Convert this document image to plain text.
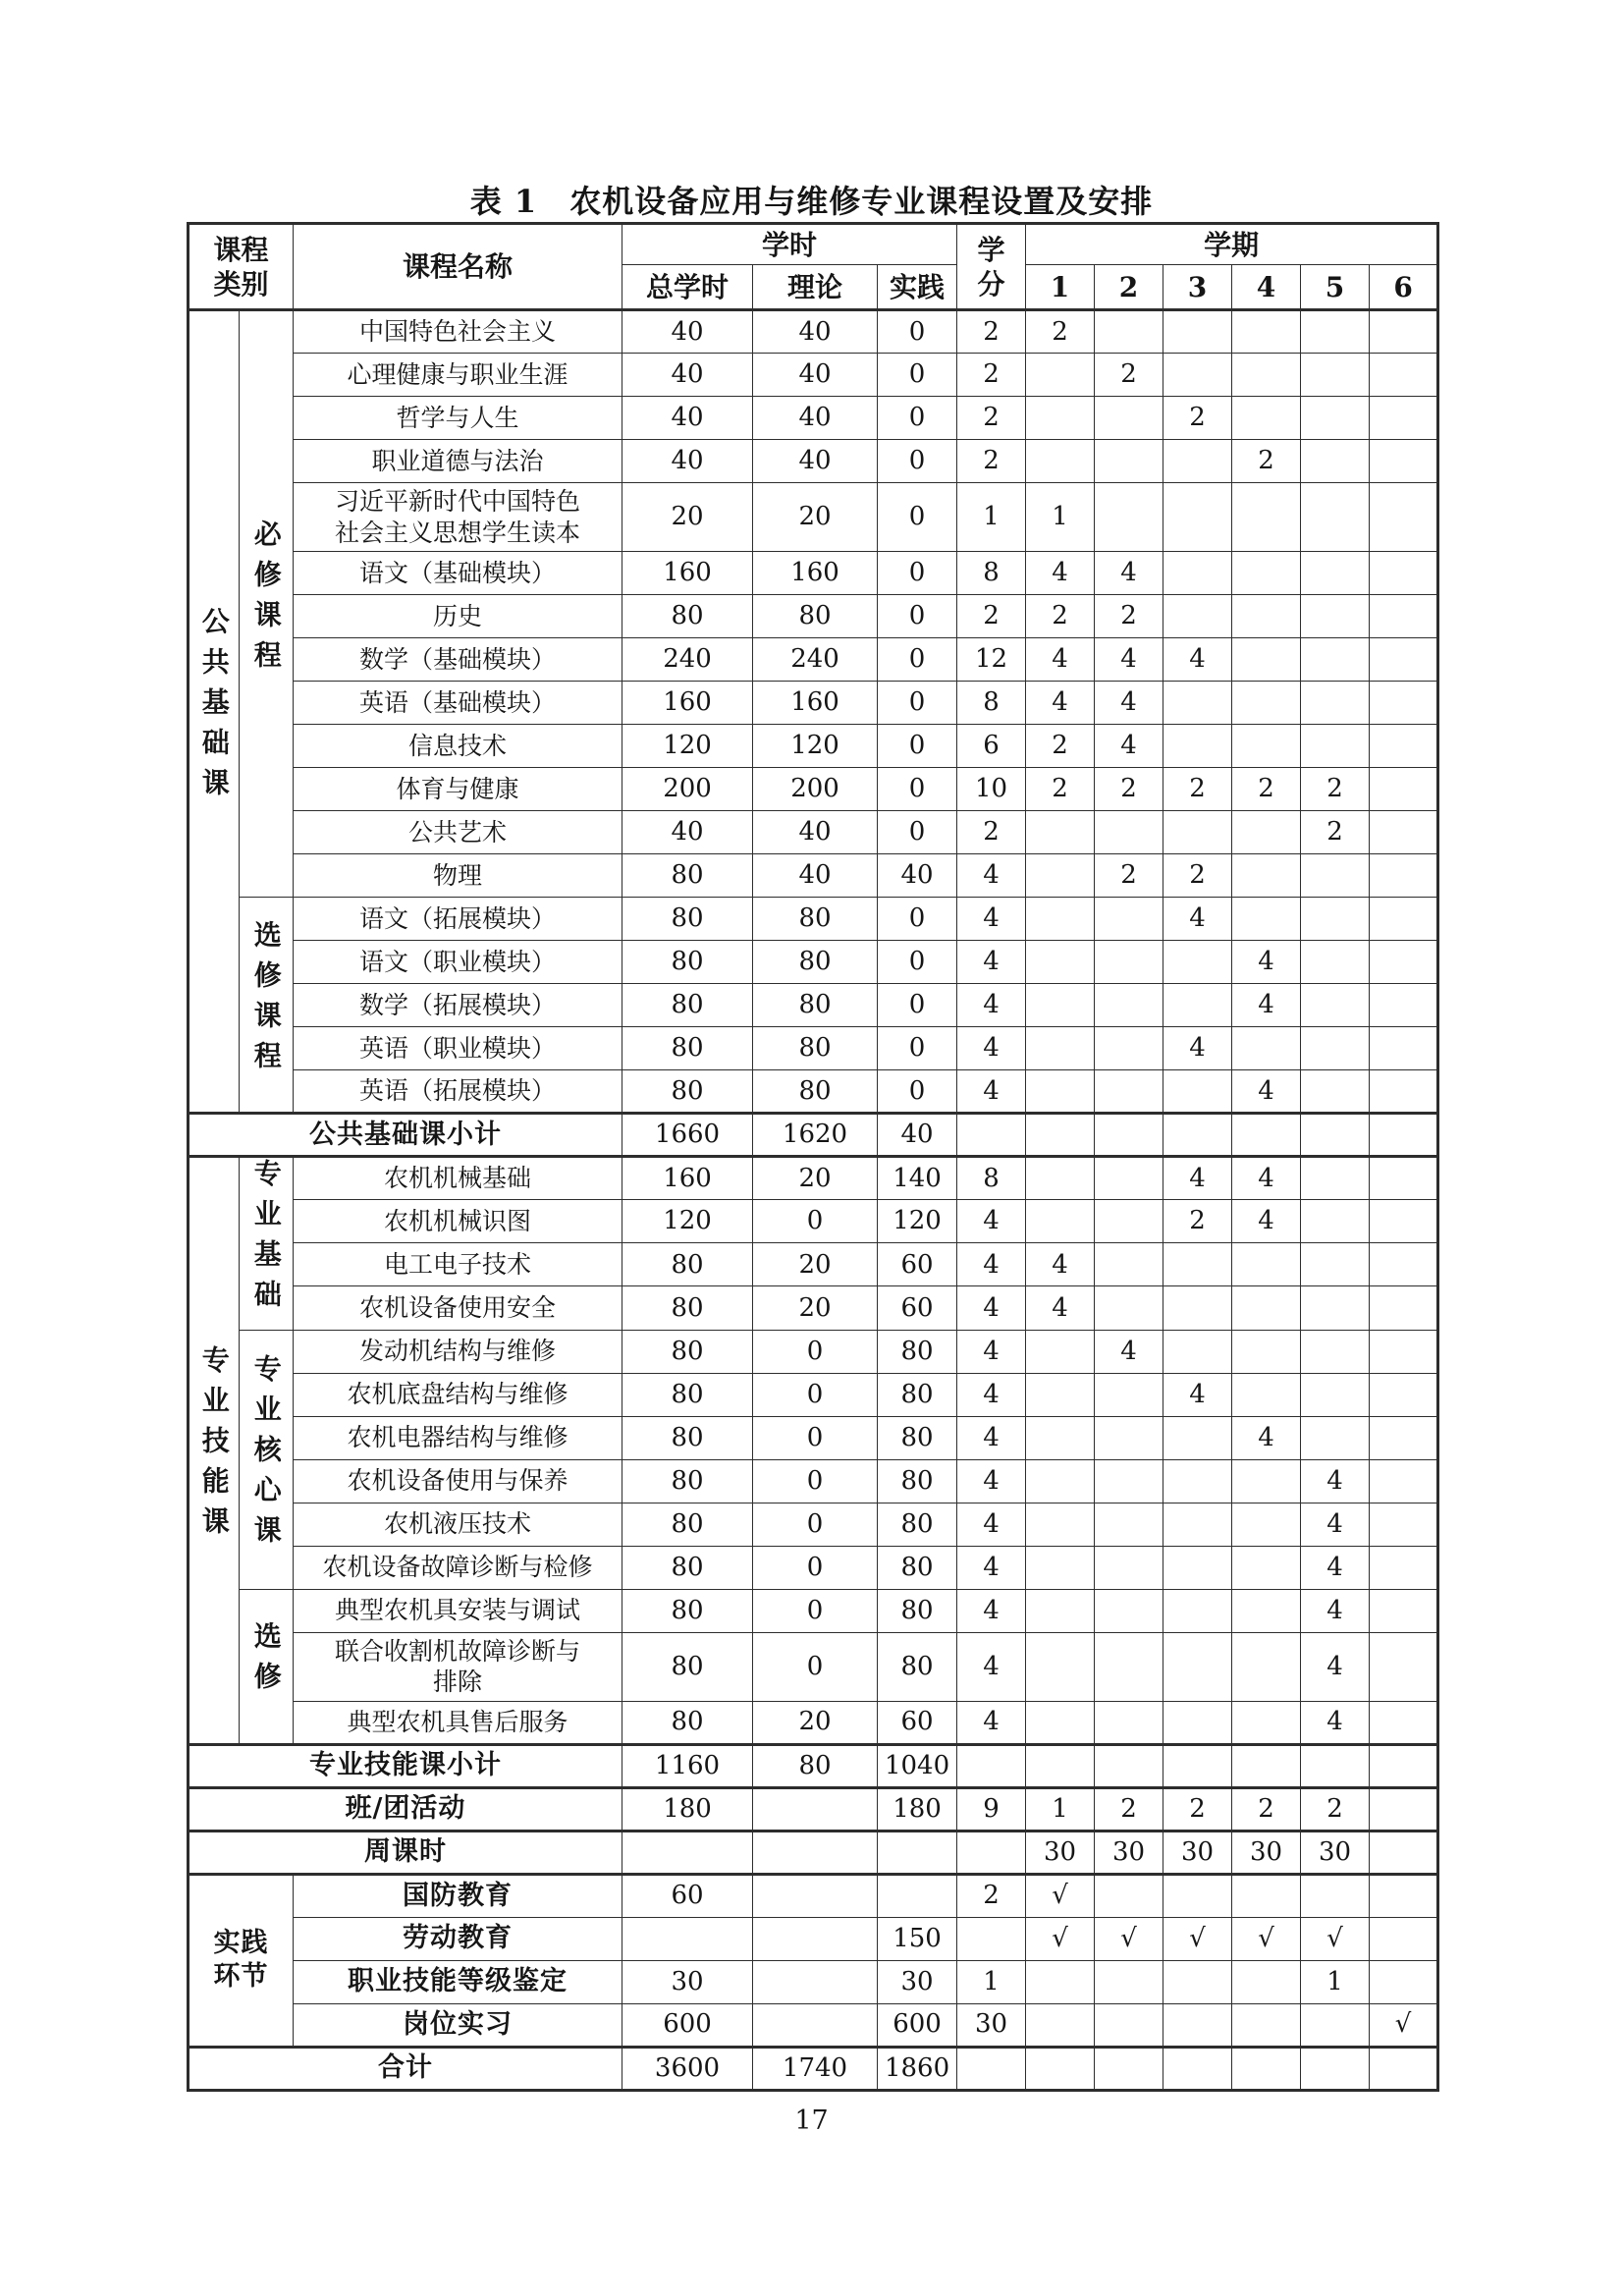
表 1　农机设备应用与维修专业课程设置及安排
课程
类别		课程名称	学时			学
分	学期					
			总学时	理论	实践		1	2	3	4	5	6
公共基础课	必修课程	中国特色社会主义	40	40	0	2	2					
		心理健康与职业生涯	40	40	0	2		2				
		哲学与人生	40	40	0	2			2			
		职业道德与法治	40	40	0	2				2		
		习近平新时代中国特色
社会主义思想学生读本	20	20	0	1	1					
		语文（基础模块）	160	160	0	8	4	4				
		历史	80	80	0	2	2	2				
		数学（基础模块）	240	240	0	12	4	4	4			
		英语（基础模块）	160	160	0	8	4	4				
		信息技术	120	120	0	6	2	4				
		体育与健康	200	200	0	10	2	2	2	2	2	
		公共艺术	40	40	0	2					2	
		物理	80	40	40	4		2	2			
	选修课程	语文（拓展模块）	80	80	0	4			4			
		语文（职业模块）	80	80	0	4				4		
		数学（拓展模块）	80	80	0	4				4		
		英语（职业模块）	80	80	0	4			4			
		英语（拓展模块）	80	80	0	4				4		
公共基础课小计			1660	1620	40							
专业技能课	专业基础	农机机械基础	160	20	140	8			4	4		
		农机机械识图	120	0	120	4			2	4		
		电工电子技术	80	20	60	4	4					
		农机设备使用安全	80	20	60	4	4					
	专业核心课	发动机结构与维修	80	0	80	4		4				
		农机底盘结构与维修	80	0	80	4			4			
		农机电器结构与维修	80	0	80	4				4		
		农机设备使用与保养	80	0	80	4					4	
		农机液压技术	80	0	80	4					4	
		农机设备故障诊断与检修	80	0	80	4					4	
	选修	典型农机具安装与调试	80	0	80	4					4	
		联合收割机故障诊断与
排除	80	0	80	4					4	
		典型农机具售后服务	80	20	60	4					4	
专业技能课小计			1160	80	1040							
班/团活动			180		180	9	1	2	2	2	2	
周课时							30	30	30	30	30	
实践
环节		国防教育	60			2	√					
		劳动教育			150		√	√	√	√	√	
		职业技能等级鉴定	30		30	1					1	
		岗位实习	600		600	30						√
合计			3600	1740	1860							
17
